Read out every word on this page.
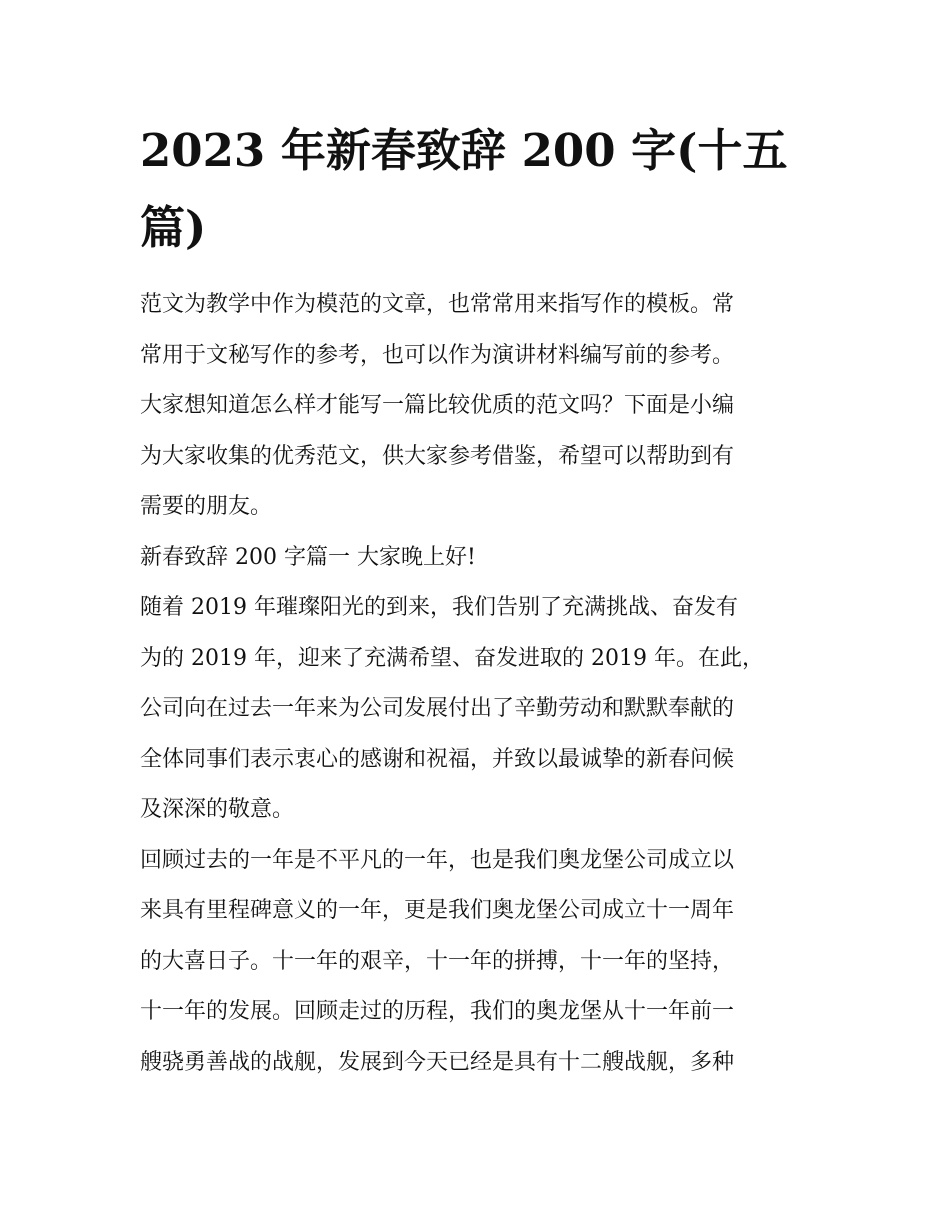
2023 年新春致辞 200 字(十五
篇)

范文为教学中作为模范的文章，也常常用来指写作的模板。常
常用于文秘写作的参考，也可以作为演讲材料编写前的参考。
大家想知道怎么样才能写一篇比较优质的范文吗？下面是小编
为大家收集的优秀范文，供大家参考借鉴，希望可以帮助到有
需要的朋友。

新春致辞 200 字篇一 大家晚上好!

随着 2019 年璀璨阳光的到来，我们告别了充满挑战、奋发有
为的 2019 年，迎来了充满希望、奋发进取的 2019 年。在此，
公司向在过去一年来为公司发展付出了辛勤劳动和默默奉献的
全体同事们表示衷心的感谢和祝福，并致以最诚挚的新春问候
及深深的敬意。

回顾过去的一年是不平凡的一年，也是我们奥龙堡公司成立以
来具有里程碑意义的一年，更是我们奥龙堡公司成立十一周年
的大喜日子。十一年的艰辛，十一年的拼搏，十一年的坚持，
十一年的发展。回顾走过的历程，我们的奥龙堡从十一年前一
艘骁勇善战的战舰，发展到今天已经是具有十二艘战舰，多种
